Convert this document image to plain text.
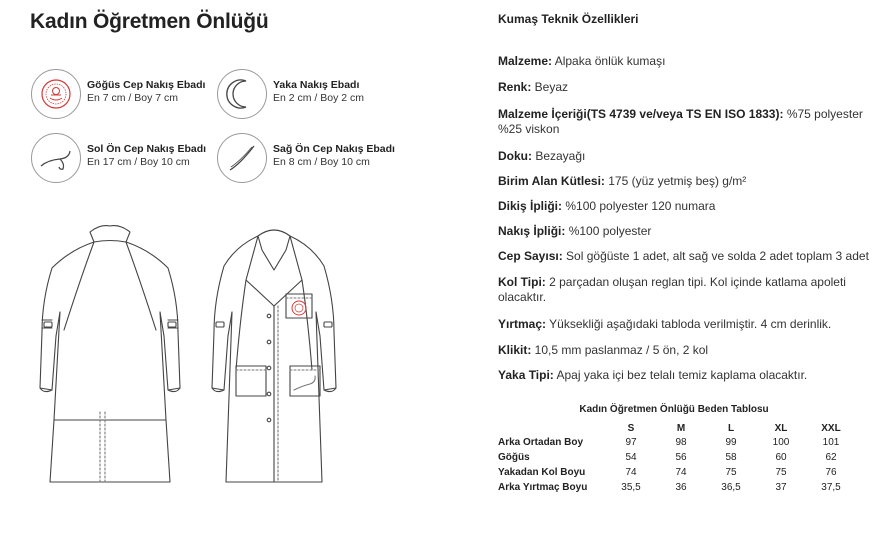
Kadın Öğretmen Önlüğü
Göğüs Cep Nakış Ebadı
En 7 cm / Boy 7 cm
Yaka Nakış Ebadı
En 2 cm / Boy 2 cm
Sol Ön Cep Nakış Ebadı
En 17 cm / Boy 10 cm
Sağ Ön Cep Nakış Ebadı
En 8 cm / Boy 10 cm
Kumaş Teknik Özellikleri
Malzeme: Alpaka önlük kumaşı
Renk: Beyaz
Malzeme İçeriği(TS 4739 ve/veya TS EN ISO 1833): %75 polyester %25 viskon
Doku: Bezayağı
Birim Alan Kütlesi: 175 (yüz yetmiş beş) g/m²
Dikiş İpliği: %100 polyester 120 numara
Nakış İpliği: %100 polyester
Cep Sayısı: Sol göğüste 1 adet, alt sağ ve solda 2 adet toplam 3 adet
Kol Tipi: 2 parçadan oluşan reglan tipi. Kol içinde katlama apoleti olacaktır.
Yırtmaç: Yüksekliği aşağıdaki tabloda verilmiştir. 4 cm derinlik.
Klikit: 10,5 mm paslanmaz / 5 ön, 2 kol
Yaka Tipi: Apaj yaka içi bez telalı temiz kaplama olacaktır.
Kadın Öğretmen Önlüğü Beden Tablosu
	S	M	L	XL	XXL
Arka Ortadan Boy	97	98	99	100	101
Göğüs	54	56	58	60	62
Yakadan Kol Boyu	74	74	75	75	76
Arka Yırtmaç Boyu	35,5	36	36,5	37	37,5
